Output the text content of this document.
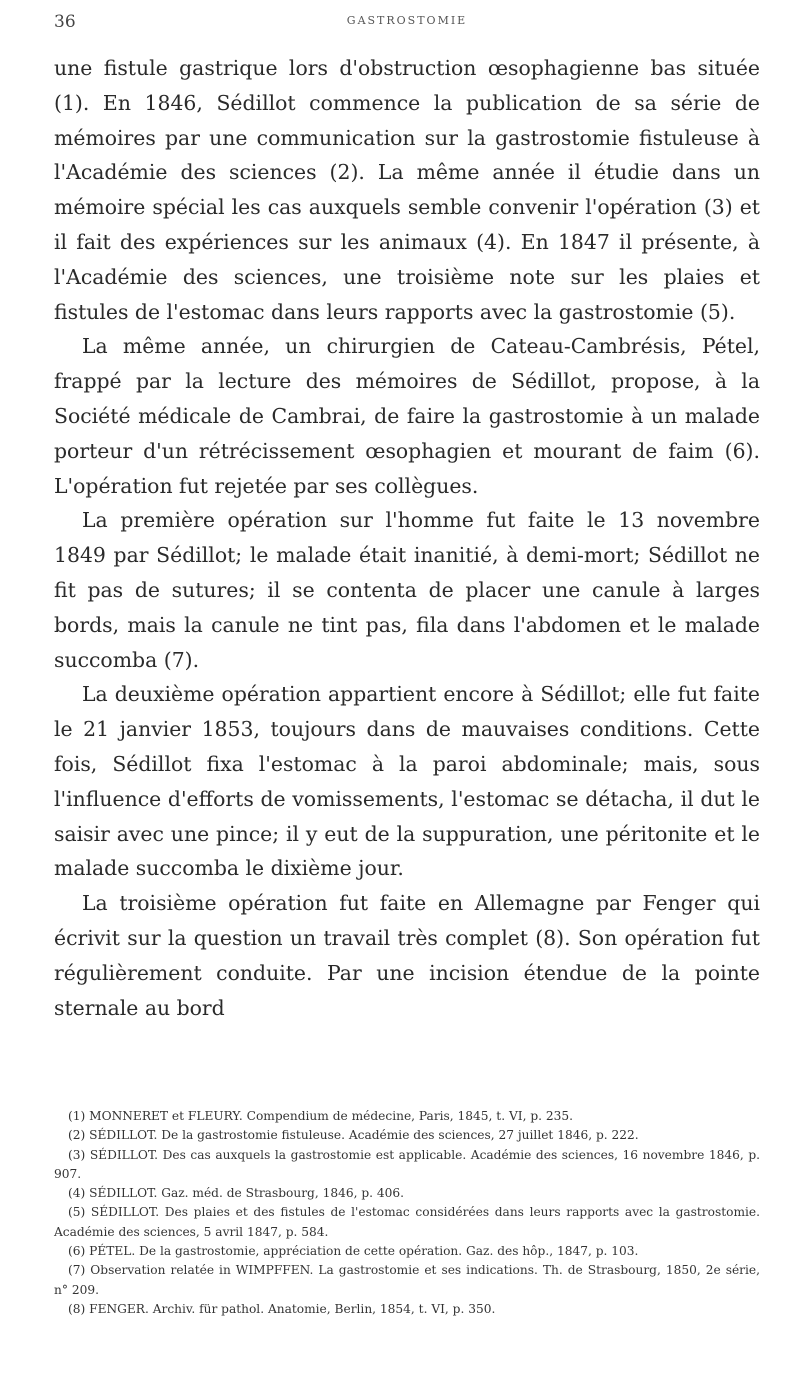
36	GASTROSTOMIE

une fistule gastrique lors d'obstruction œsophagienne bas située (1). En 1846, Sédillot commence la publication de sa série de mémoires par une communication sur la gastrostomie fistuleuse à l'Académie des sciences (2). La même année il étudie dans un mémoire spécial les cas auxquels semble convenir l'opération (3) et il fait des expériences sur les animaux (4). En 1847 il présente, à l'Académie des sciences, une troisième note sur les plaies et fistules de l'estomac dans leurs rapports avec la gastrostomie (5).

La même année, un chirurgien de Cateau-Cambrésis, Pétel, frappé par la lecture des mémoires de Sédillot, propose, à la Société médicale de Cambrai, de faire la gastrostomie à un malade porteur d'un rétrécissement œsophagien et mourant de faim (6). L'opération fut rejetée par ses collègues.

La première opération sur l'homme fut faite le 13 novembre 1849 par Sédillot; le malade était inanitié, à demi-mort; Sédillot ne fit pas de sutures; il se contenta de placer une canule à larges bords, mais la canule ne tint pas, fila dans l'abdomen et le malade succomba (7).

La deuxième opération appartient encore à Sédillot; elle fut faite le 21 janvier 1853, toujours dans de mauvaises conditions. Cette fois, Sédillot fixa l'estomac à la paroi abdominale; mais, sous l'influence d'efforts de vomissements, l'estomac se détacha, il dut le saisir avec une pince; il y eut de la suppuration, une péritonite et le malade succomba le dixième jour.

La troisième opération fut faite en Allemagne par Fenger qui écrivit sur la question un travail très complet (8). Son opération fut régulièrement conduite. Par une incision étendue de la pointe sternale au bord

(1) MONNERET et FLEURY. Compendium de médecine, Paris, 1845, t. VI, p. 235.

(2) SÉDILLOT. De la gastrostomie fistuleuse. Académie des sciences, 27 juillet 1846, p. 222.

(3) SÉDILLOT. Des cas auxquels la gastrostomie est applicable. Académie des sciences, 16 novembre 1846, p. 907.

(4) SÉDILLOT. Gaz. méd. de Strasbourg, 1846, p. 406.

(5) SÉDILLOT. Des plaies et des fistules de l'estomac considérées dans leurs rapports avec la gastrostomie. Académie des sciences, 5 avril 1847, p. 584.

(6) PÉTEL. De la gastrostomie, appréciation de cette opération. Gaz. des hôp., 1847, p. 103.

(7) Observation relatée in WIMPFFEN. La gastrostomie et ses indications. Th. de Strasbourg, 1850, 2e série, n° 209.

(8) FENGER. Archiv. für pathol. Anatomie, Berlin, 1854, t. VI, p. 350.
